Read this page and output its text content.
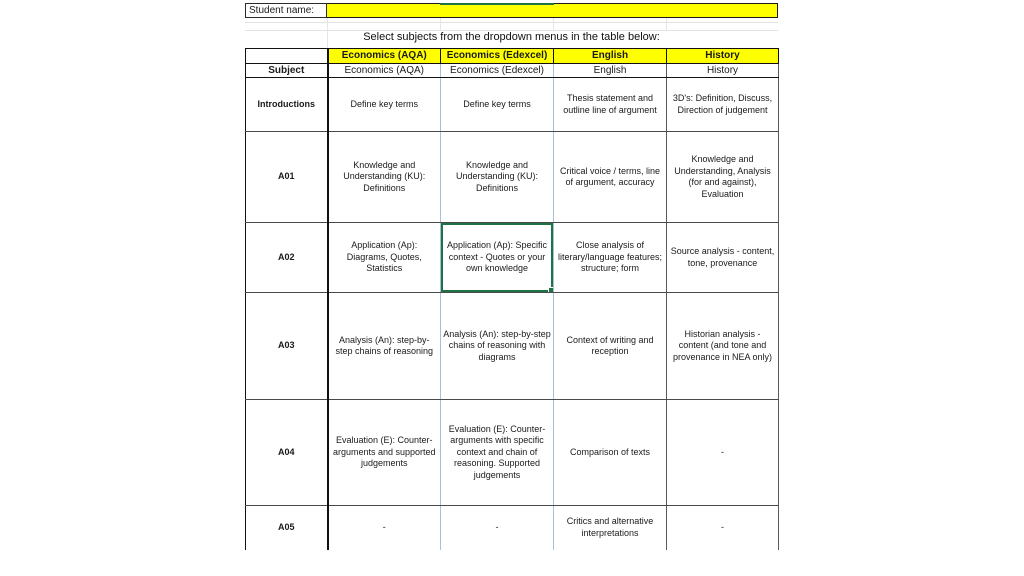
Student name:
Select subjects from the dropdown menus in the table below:
	Economics (AQA)	Economics (Edexcel)	English	History
Subject	Economics (AQA)	Economics (Edexcel)	English	History
Introductions	Define key terms	Define key terms	Thesis statement and outline line of argument	3D's: Definition, Discuss, Direction of judgement
A01	Knowledge and Understanding (KU): Definitions	Knowledge and Understanding (KU): Definitions	Critical voice / terms, line of argument, accuracy	Knowledge and Understanding, Analysis (for and against), Evaluation
A02	Application (Ap): Diagrams, Quotes, Statistics	Application (Ap): Specific context - Quotes or your own knowledge	Close analysis of literary/language features; structure; form	Source analysis - content, tone, provenance
A03	Analysis (An): step-by-step chains of reasoning	Analysis (An): step-by-step chains of reasoning with diagrams	Context of writing and reception	Historian analysis - content (and tone and provenance in NEA only)
A04	Evaluation (E): Counter-arguments and supported judgements	Evaluation (E): Counter-arguments with specific context and chain of reasoning. Supported judgements	Comparison of texts	-
A05	-	-	Critics and alternative interpretations	-
